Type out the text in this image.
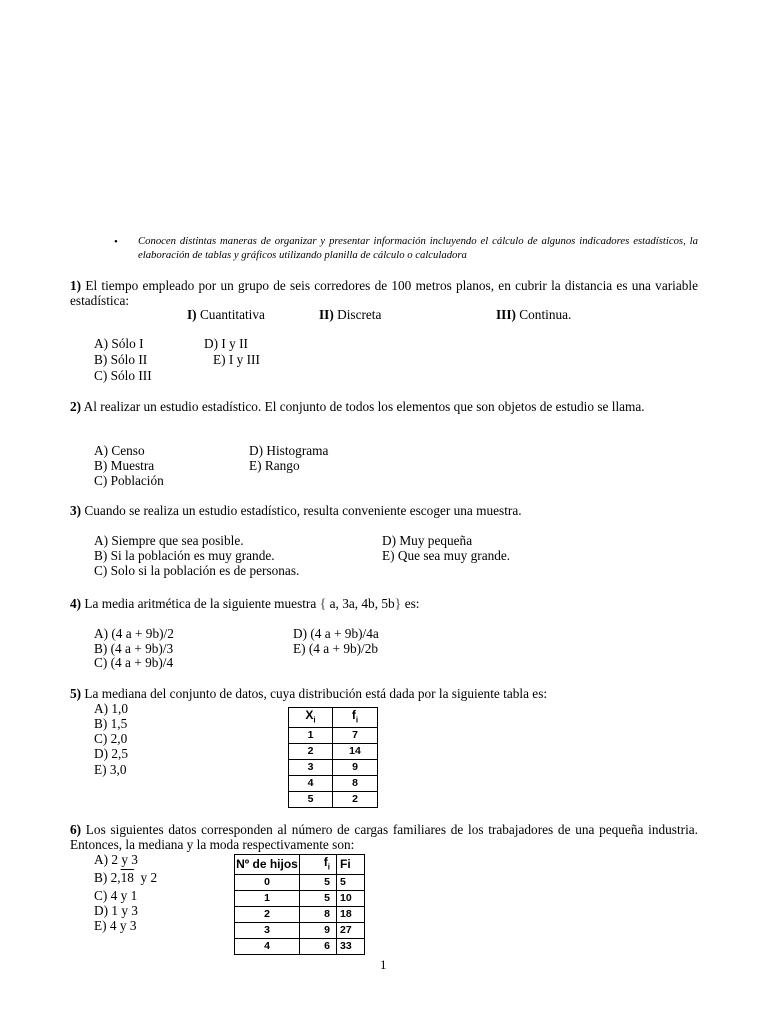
• Conocen distintas maneras de organizar y presentar información incluyendo el cálculo de algunos indicadores estadísticos, la elaboración de tablas y gráficos utilizando planilla de cálculo o calculadora
1) El tiempo empleado por un grupo de seis corredores de 100 metros planos, en cubrir la distancia es una variable estadística:
I) Cuantitativa	II) Discreta	III) Continua.
A) Sólo I
B) Sólo II
C) Sólo III
D) I y II
E) I y III
2) Al realizar un estudio estadístico. El conjunto de todos los elementos que son objetos de estudio se llama.
A) Censo
B) Muestra
C) Población
D) Histograma
E) Rango
3) Cuando se realiza un estudio estadístico, resulta conveniente escoger una muestra.
A) Siempre que sea posible.
B) Si la población es muy grande.
C) Solo si la población es de personas.
D) Muy pequeña
E) Que sea muy grande.
4) La media aritmética de la siguiente muestra { a, 3a, 4b, 5b} es:
A) (4 a + 9b)/2
B) (4 a + 9b)/3
C) (4 a + 9b)/4
D) (4 a + 9b)/4a
E) (4 a + 9b)/2b
5) La mediana del conjunto de datos, cuya distribución está dada por la siguiente tabla es:
A) 1,0
B) 1,5
C) 2,0
D) 2,5
E) 3,0
$X_i$	$f_i$
1	7
2	14
3	9
4	8
5	2
6) Los siguientes datos corresponden al número de cargas familiares de los trabajadores de una pequeña industria. Entonces, la mediana y la moda respectivamente son:
A) 2 y 3
B) 2,18  y 2
C) 4 y 1
D) 1 y 3
E) 4 y 3
Nº de hijos	$f_i$	Fi
0	5	5
1	5	10
2	8	18
3	9	27
4	6	33
1
